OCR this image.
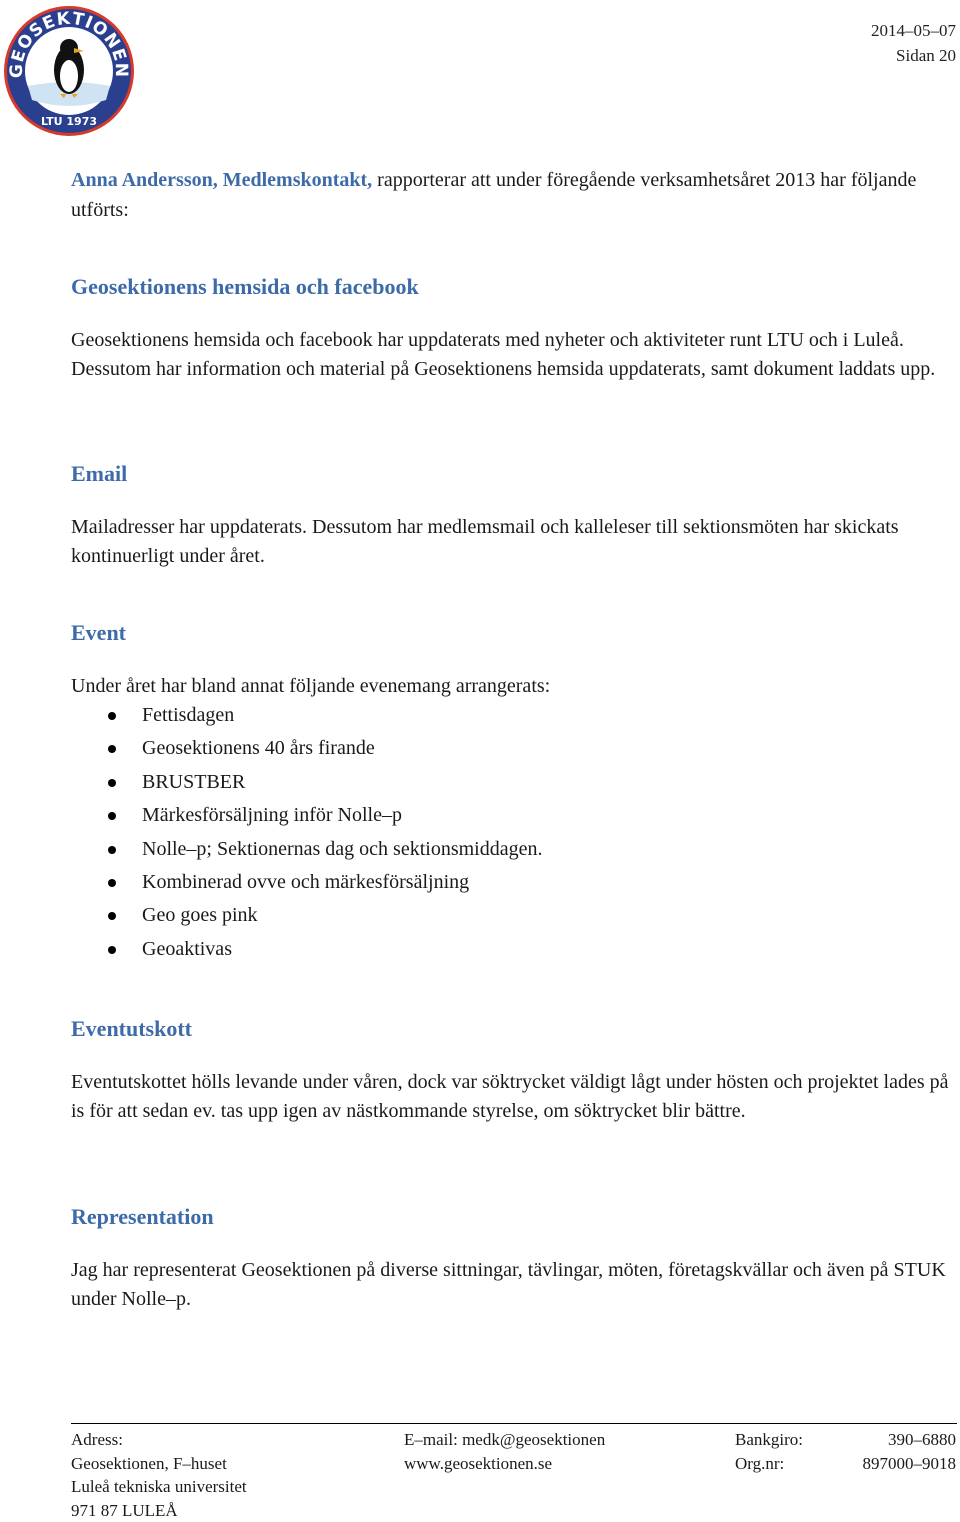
GEOSEKTIONEN
LTU 1973
2014–05–07
Sidan 20
Anna Andersson, Medlemskontakt, rapporterar att under föregående verksamhetsåret 2013 har följande utförts:
Geosektionens hemsida och facebook

Geosektionens hemsida och facebook har uppdaterats med nyheter och aktiviteter runt LTU och i Luleå. Dessutom har information och material på Geosektionens hemsida uppdaterats, samt dokument laddats upp.

Email

Mailadresser har uppdaterats. Dessutom har medlemsmail och kalleleser till sektionsmöten har skickats kontinuerligt under året.

Event

Under året har bland annat följande evenemang arrangerats:

Fettisdagen
Geosektionens 40 års firande
BRUSTBER
Märkesförsäljning inför Nolle–p
Nolle–p; Sektionernas dag och sektionsmiddagen.
Kombinerad ovve och märkesförsäljning
Geo goes pink
Geoaktivas
Eventutskott

Eventutskottet hölls levande under våren, dock var söktrycket väldigt lågt under hösten och projektet lades på is för att sedan ev. tas upp igen av nästkommande styrelse, om söktrycket blir bättre.

Representation

Jag har representerat Geosektionen på diverse sittningar, tävlingar, möten, företagskvällar och även på STUK under Nolle–p.

Adress:
Geosektionen, F–huset
Luleå tekniska universitet
971 87 LULEÅ
E–mail: medk@geosektionen
www.geosektionen.se
Bankgiro:
Org.nr:
390–6880
897000–9018
